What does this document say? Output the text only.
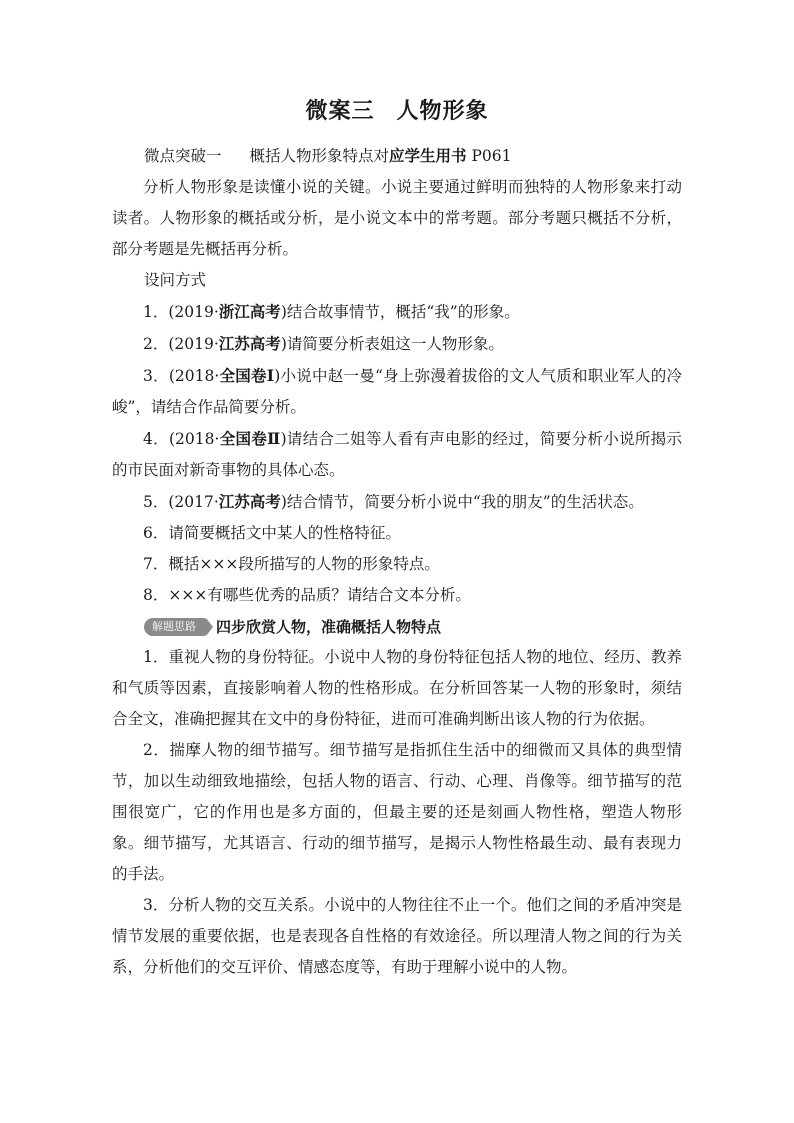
微案三 人物形象
微点突破一 概括人物形象特点对应学生用书 P061

分析人物形象是读懂小说的关键。小说主要通过鲜明而独特的人物形象来打动读者。人物形象的概括或分析，是小说文本中的常考题。部分考题只概括不分析，部分考题是先概括再分析。

设问方式

1．(2019·浙江高考)结合故事情节，概括“我”的形象。

2．(2019·江苏高考)请简要分析表姐这一人物形象。

3．(2018·全国卷Ⅰ)小说中赵一曼“身上弥漫着拔俗的文人气质和职业军人的冷峻”，请结合作品简要分析。

4．(2018·全国卷Ⅱ)请结合二姐等人看有声电影的经过，简要分析小说所揭示的市民面对新奇事物的具体心态。

5．(2017·江苏高考)结合情节，简要分析小说中“我的朋友”的生活状态。

6．请简要概括文中某人的性格特征。

7．概括×××段所描写的人物的形象特点。

8．×××有哪些优秀的品质？请结合文本分析。

解题思路	四步欣赏人物，准确概括人物特点

1．重视人物的身份特征。小说中人物的身份特征包括人物的地位、经历、教养和气质等因素，直接影响着人物的性格形成。在分析回答某一人物的形象时，须结合全文，准确把握其在文中的身份特征，进而可准确判断出该人物的行为依据。

2．揣摩人物的细节描写。细节描写是指抓住生活中的细微而又具体的典型情节，加以生动细致地描绘，包括人物的语言、行动、心理、肖像等。细节描写的范围很宽广，它的作用也是多方面的，但最主要的还是刻画人物性格，塑造人物形象。细节描写，尤其语言、行动的细节描写，是揭示人物性格最生动、最有表现力的手法。

3．分析人物的交互关系。小说中的人物往往不止一个。他们之间的矛盾冲突是情节发展的重要依据，也是表现各自性格的有效途径。所以理清人物之间的行为关系，分析他们的交互评价、情感态度等，有助于理解小说中的人物。
